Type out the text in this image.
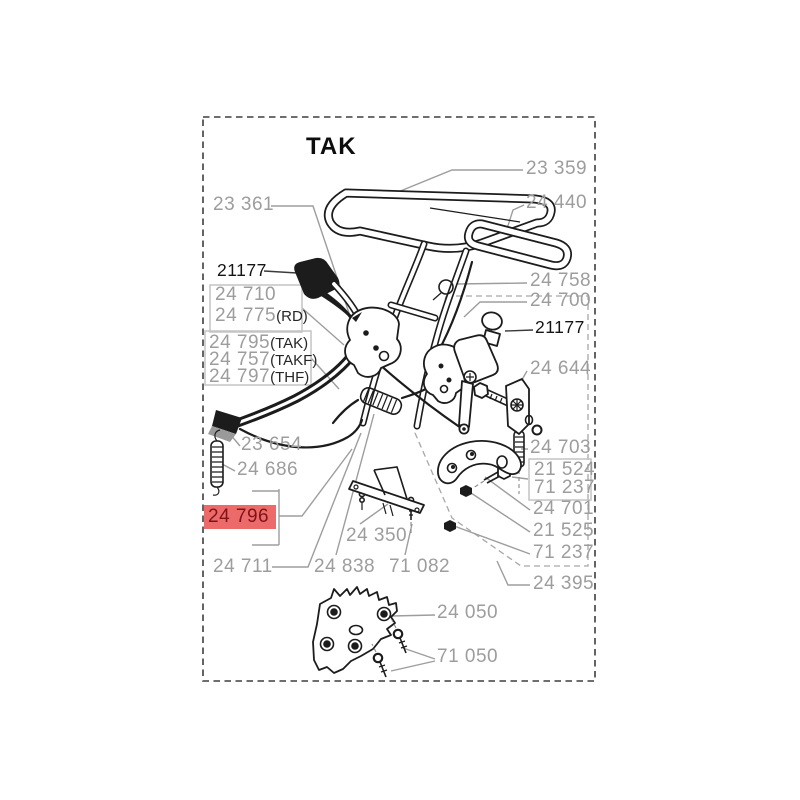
TAK
23 359
24 440
23 361
21177
24 710
24 775(RD)
24 795(TAK)
24 757(TAKF)
24 797(THF)
24 758
24 700
21177
24 644
24 703
21 524
71 237
24 701
21 525
71 237
24 395
23 654
24 686
24 796
24 711 24 838
24 350
71 082
24 050
71 050
